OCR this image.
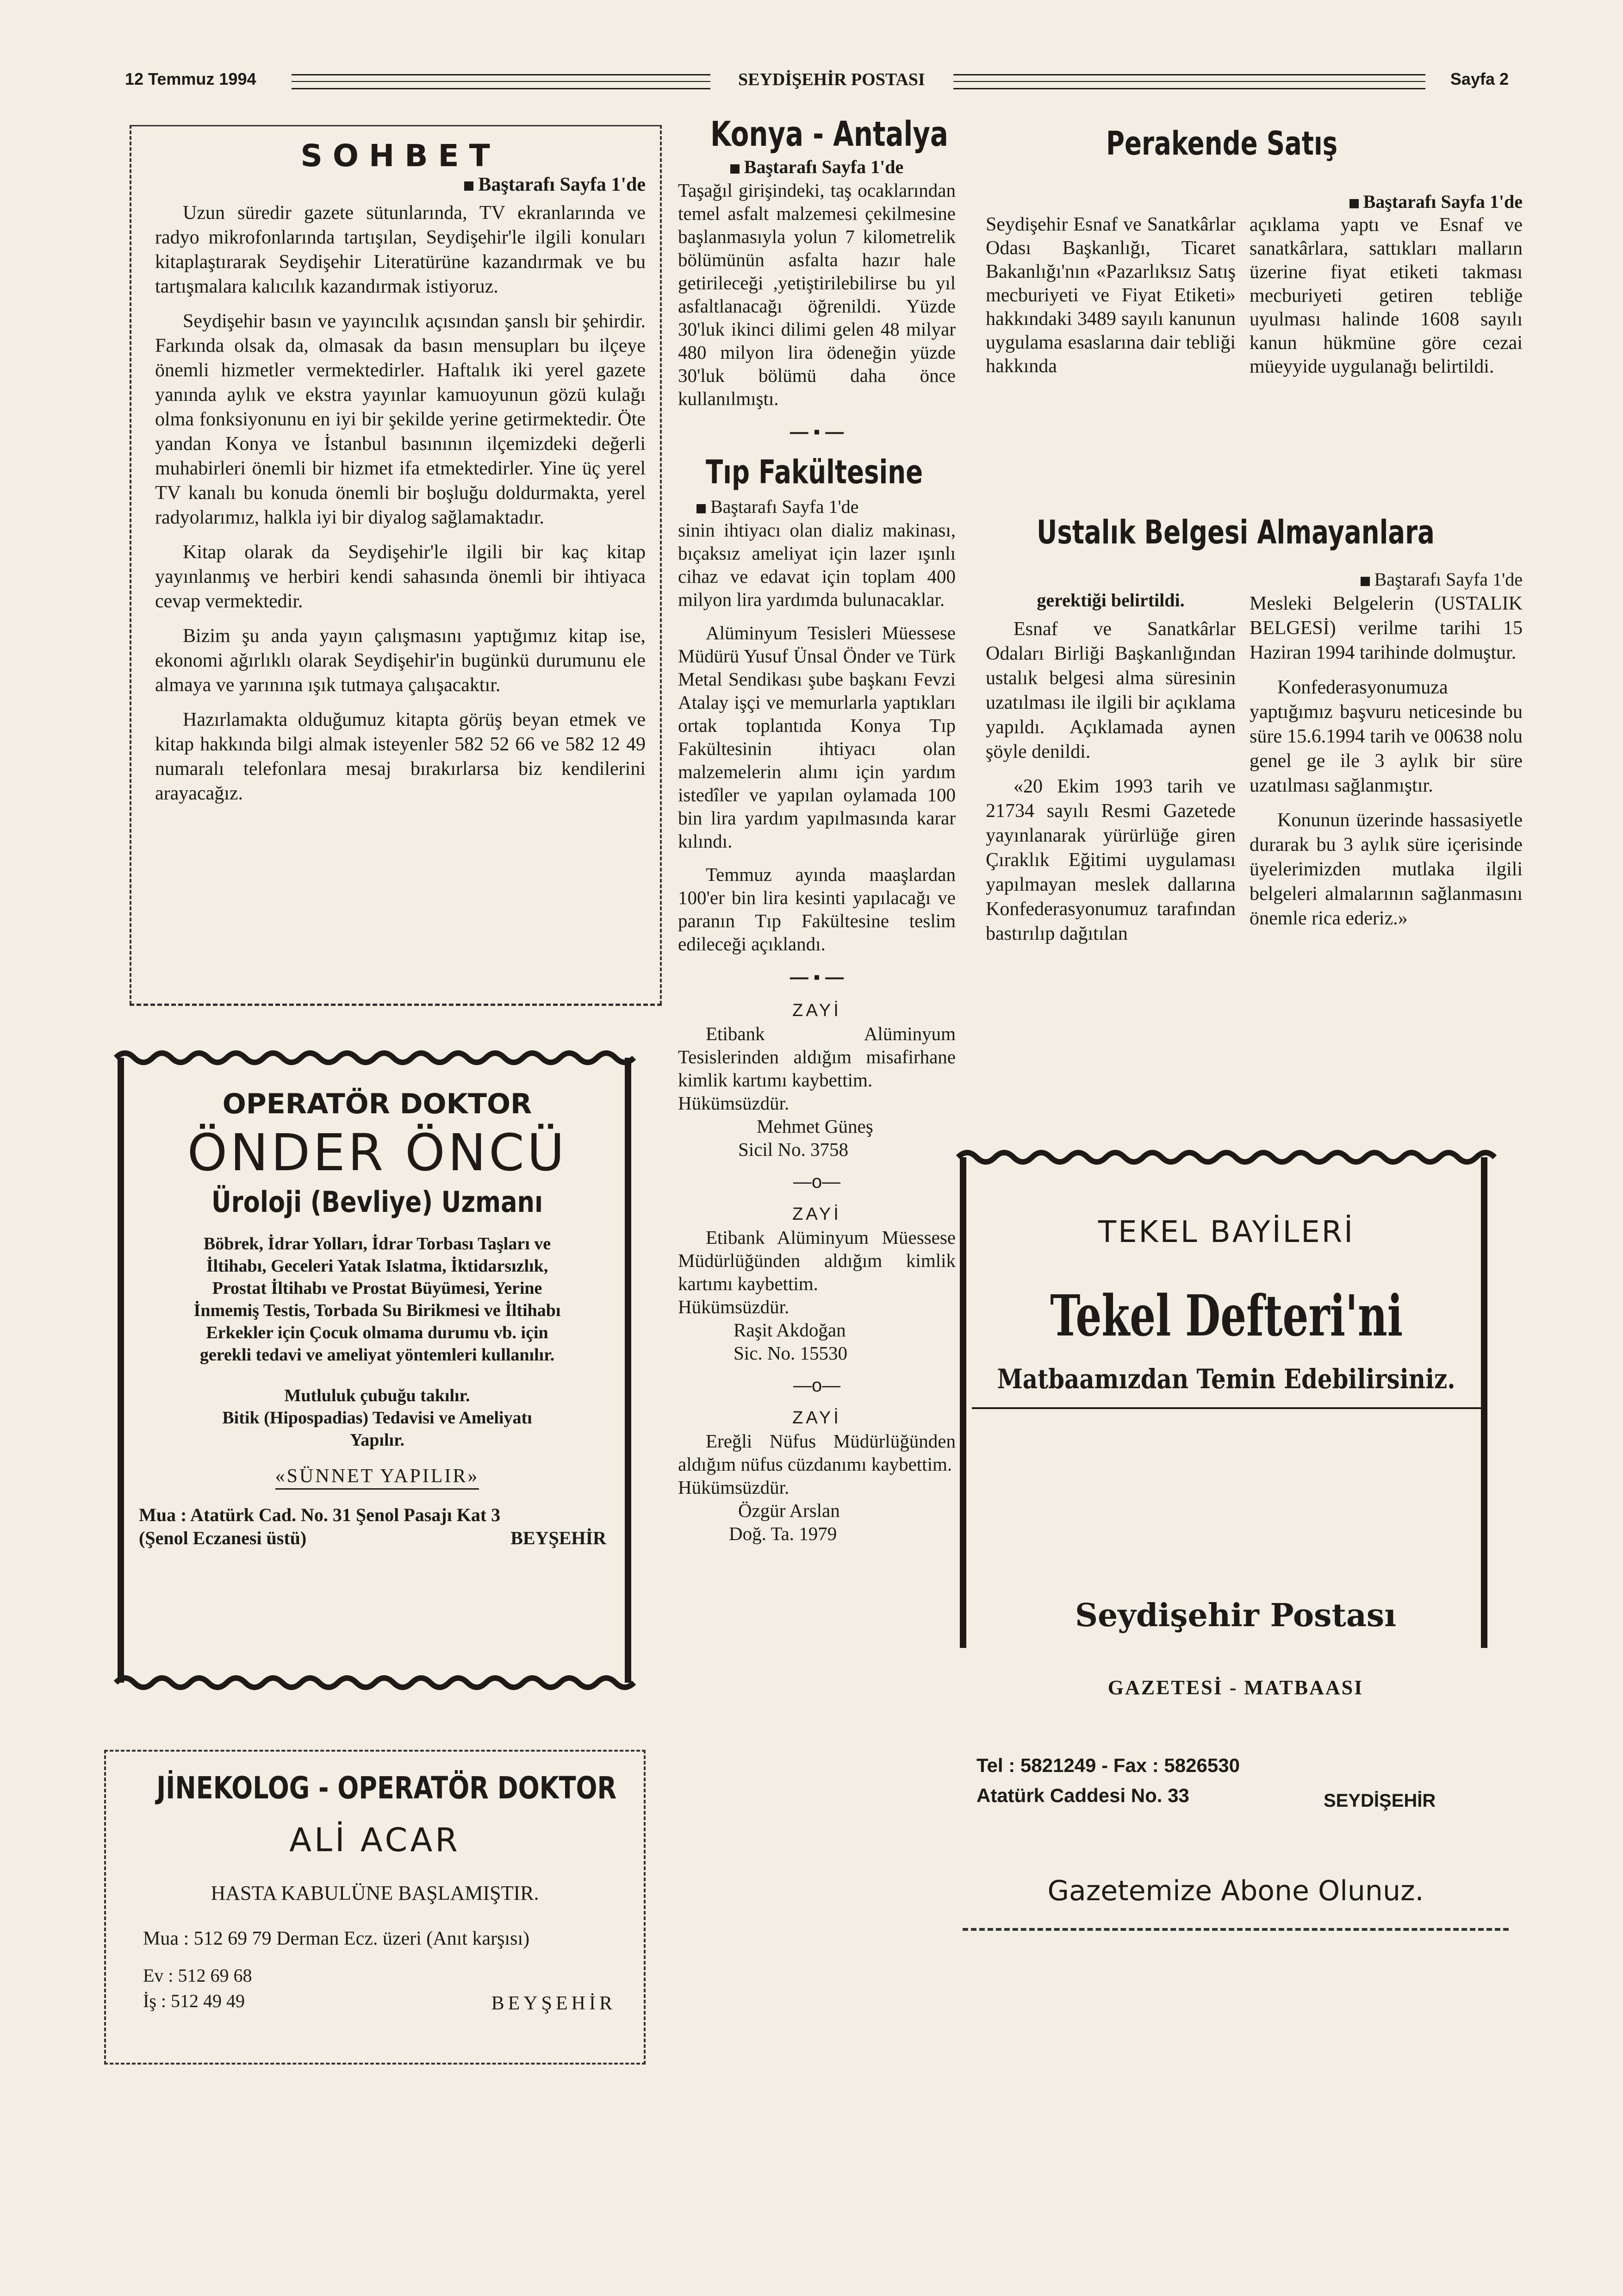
12 Temmuz 1994	SEYDİŞEHİR POSTASI	Sayfa 2
SOHBET
Baştarafı Sayfa 1'de

Uzun süredir gazete sütunlarında, TV ekranlarında ve radyo mikrofonlarında tartışılan, Seydişehir'le ilgili konuları kitaplaştırarak Seydişehir Literatürüne kazandırmak ve bu tartışmalara kalıcılık kazandırmak istiyoruz.

Seydişehir basın ve yayıncılık açısından şanslı bir şehirdir. Farkında olsak da, olmasak da basın mensupları bu ilçeye önemli hizmetler vermektedirler. Haftalık iki yerel gazete yanında aylık ve ekstra yayınlar kamuoyunun gözü kulağı olma fonksiyonunu en iyi bir şekilde yerine getirmektedir. Öte yandan Konya ve İstanbul basınının ilçemizdeki değerli muhabirleri önemli bir hizmet ifa etmektedirler. Yine üç yerel TV kanalı bu konuda önemli bir boşluğu doldurmakta, yerel radyolarımız, halkla iyi bir diyalog sağlamaktadır.

Kitap olarak da Seydişehir'le ilgili bir kaç kitap yayınlanmış ve herbiri kendi sahasında önemli bir ihtiyaca cevap vermektedir.

Bizim şu anda yayın çalışmasını yaptığımız kitap ise, ekonomi ağırlıklı olarak Seydişehir'in bugünkü durumunu ele almaya ve yarınına ışık tutmaya çalışacaktır.

Hazırlamakta olduğumuz kitapta görüş beyan etmek ve kitap hakkında bilgi almak isteyenler 582 52 66 ve 582 12 49 numaralı telefonlara mesaj bırakırlarsa biz kendilerini arayacağız.

OPERATÖR DOKTOR
ÖNDER ÖNCÜ
Üroloji (Bevliye) Uzmanı
Böbrek, İdrar Yolları, İdrar Torbası Taşları ve
İltihabı, Geceleri Yatak Islatma, İktidarsızlık,
Prostat İltihabı ve Prostat Büyümesi, Yerine
İnmemiş Testis, Torbada Su Birikmesi ve İltihabı
Erkekler için Çocuk olmama durumu vb. için
gerekli tedavi ve ameliyat yöntemleri kullanılır.
Mutluluk çubuğu takılır.
Bitik (Hipospadias) Tedavisi ve Ameliyatı
Yapılır.
«SÜNNET YAPILIR»
Mua : Atatürk Cad. No. 31 Şenol Pasajı Kat 3
(Şenol Eczanesi üstü)	BEYŞEHİR
JİNEKOLOG - OPERATÖR DOKTOR
ALİ ACAR
HASTA KABULÜNE BAŞLAMIŞTIR.
Mua : 512 69 79 Derman Ecz. üzeri (Anıt karşısı)
Ev : 512 69 68
İş : 512 49 49	BEYŞEHİR
Konya - Antalya
Baştarafı Sayfa 1'de

Taşağıl girişindeki, taş ocaklarından temel asfalt malzemesi çekilmesine başlanmasıyla yolun 7 kilometrelik bölümünün asfalta hazır hale getirileceği ,yetiştirilebilirse bu yıl asfaltlanacağı öğrenildi. Yüzde 30'luk ikinci dilimi gelen 48 milyar 480 milyon lira ödeneğin yüzde 30'luk bölümü daha önce kullanılmıştı.

— ▪ —
Tıp Fakültesine
Baştarafı Sayfa 1'de

sinin ihtiyacı olan dializ makinası, bıçaksız ameliyat için lazer ışınlı cihaz ve edavat için toplam 400 milyon lira yardımda bulunacaklar.

Alüminyum Tesisleri Müessese Müdürü Yusuf Ünsal Önder ve Türk Metal Sendikası şube başkanı Fevzi Atalay işçi ve memurlarla yaptıkları ortak toplantıda Konya Tıp Fakültesinin ihtiyacı olan malzemelerin alımı için yardım istedîler ve yapılan oylamada 100 bin lira yardım yapılmasında karar kılındı.

Temmuz ayında maaşlardan 100'er bin lira kesinti yapılacağı ve paranın Tıp Fakültesine teslim edileceği açıklandı.

— ▪ —
ZAYİ

Etibank Alüminyum Tesislerinden aldığım misafirhane kimlik kartımı kaybettim.

Hükümsüzdür.
Mehmet Güneş
Sicil No. 3758
—o—
ZAYİ

Etibank Alüminyum Müessese Müdürlüğünden aldığım kimlik kartımı kaybettim.

Hükümsüzdür.
Raşit Akdoğan
Sic. No. 15530
—o—
ZAYİ

Ereğli Nüfus Müdürlüğünden aldığım nüfus cüzdanımı kaybettim.

Hükümsüzdür.
Özgür Arslan
Doğ. Ta. 1979
Perakende Satış

Seydişehir Esnaf ve Sanatkârlar Odası Başkanlığı, Ticaret Bakanlığı'nın «Pazarlıksız Satış mecburiyeti ve Fiyat Etiketi» hakkındaki 3489 sayılı kanunun uygulama esaslarına dair tebliği hakkında

Baştarafı Sayfa 1'de

açıklama yaptı ve Esnaf ve sanatkârlara, sattıkları malların üzerine fiyat etiketi takması mecburiyeti getiren tebliğe uyulması halinde 1608 sayılı kanun hükmüne göre cezai müeyyide uygulanağı belirtildi.

Ustalık Belgesi Almayanlara
gerektiği belirtildi.

Esnaf ve Sanatkârlar Odaları Birliği Başkanlığından ustalık belgesi alma süresinin uzatılması ile ilgili bir açıklama yapıldı. Açıklamada aynen şöyle denildi.

«20 Ekim 1993 tarih ve 21734 sayılı Resmi Gazetede yayınlanarak yürürlüğe giren Çıraklık Eğitimi uygulaması yapılmayan meslek dallarına Konfederasyonumuz tarafından bastırılıp dağıtılan

Baştarafı Sayfa 1'de

Mesleki Belgelerin (USTALIK BELGESİ) verilme tarihi 15 Haziran 1994 tarihinde dolmuştur.

Konfederasyonumuza yaptığımız başvuru neticesinde bu süre 15.6.1994 tarih ve 00638 nolu genel ge ile 3 aylık bir süre uzatılması sağlanmıştır.

Konunun üzerinde hassasiyetle durarak bu 3 aylık süre içerisinde üyelerimizden mutlaka ilgili belgeleri almalarının sağlanmasını önemle rica ederiz.»

TEKEL BAYİLERİ
Tekel Defteri'ni
Matbaamızdan Temin Edebilirsiniz.
Seydişehir Postası
GAZETESİ - MATBAASI
Tel : 5821249 - Fax : 5826530
Atatürk Caddesi No. 33	SEYDİŞEHİR
Gazetemize Abone Olunuz.
